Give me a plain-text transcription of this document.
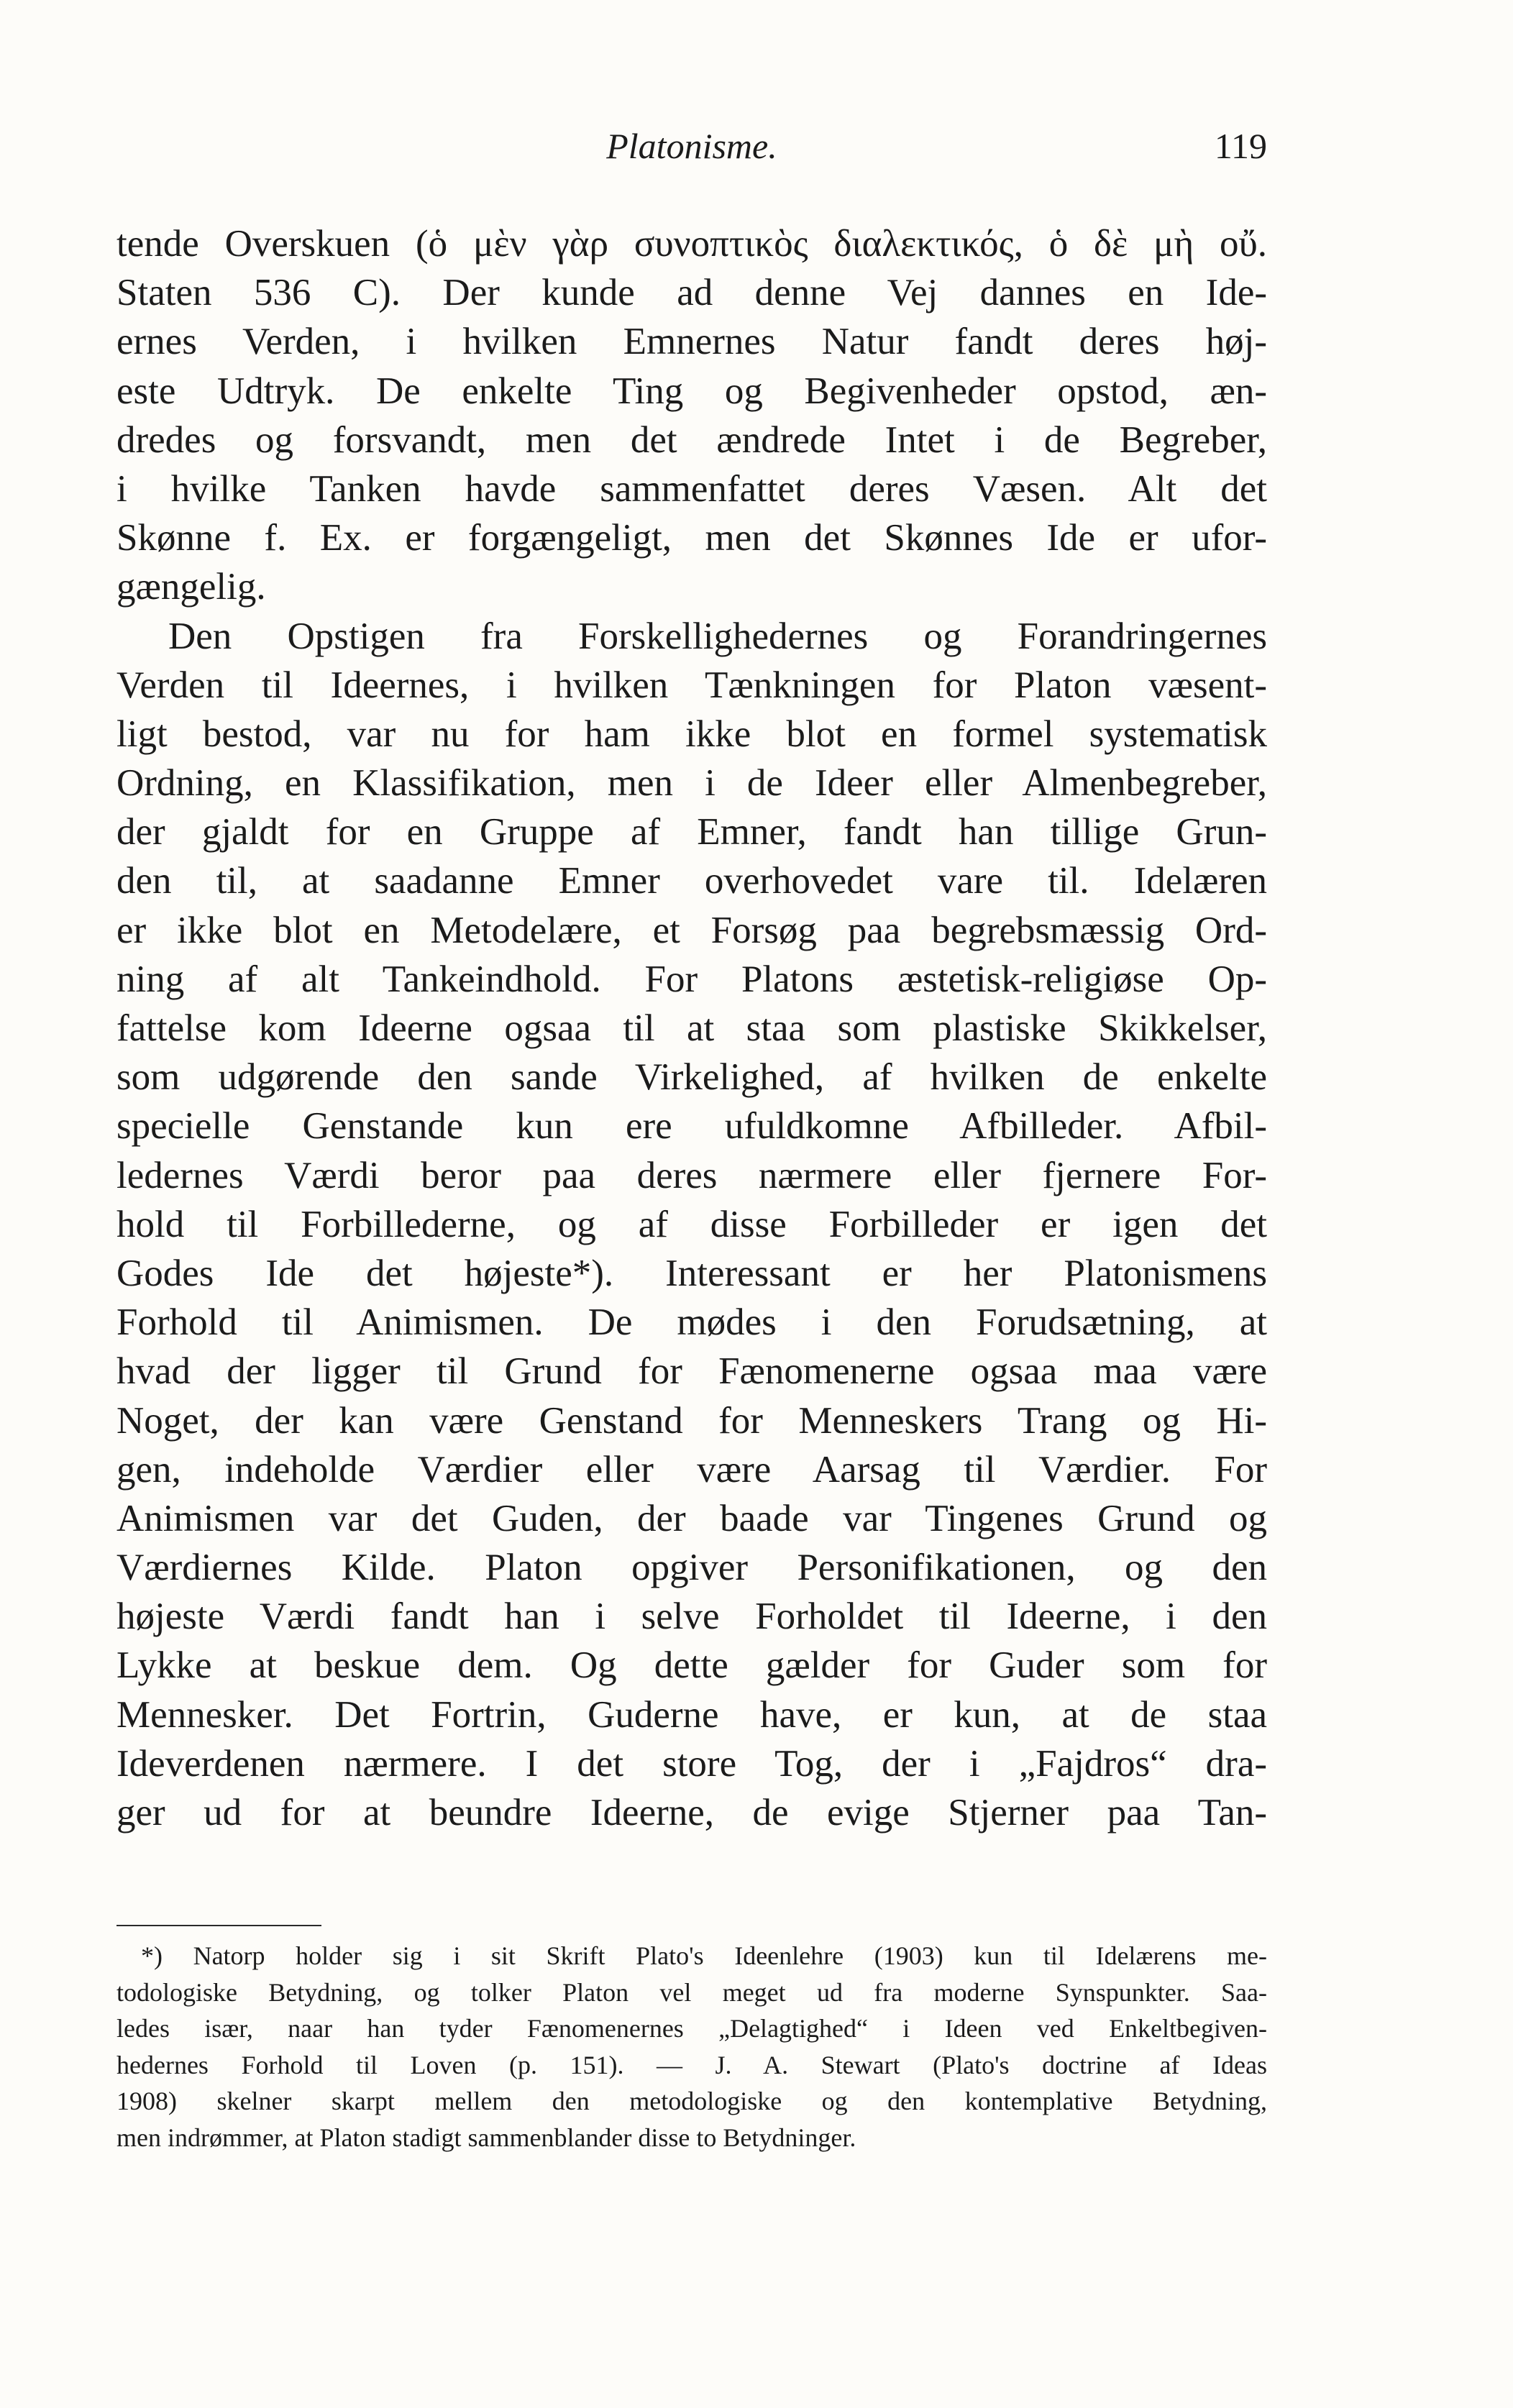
Platonisme.	119
tende Overskuen (ὁ μὲν γὰρ συνοπτικὸς διαλεκτικός, ὁ δὲ μὴ οὔ.
Staten 536 C). Der kunde ad denne Vej dannes en Ide-
ernes Verden, i hvilken Emnernes Natur fandt deres høj-
este Udtryk. De enkelte Ting og Begivenheder opstod, æn-
dredes og forsvandt, men det ændrede Intet i de Begreber,
i hvilke Tanken havde sammenfattet deres Væsen. Alt det
Skønne f. Ex. er forgængeligt, men det Skønnes Ide er ufor-
gængelig.
Den Opstigen fra Forskellighedernes og Forandringernes
Verden til Ideernes, i hvilken Tænkningen for Platon væsent-
ligt bestod, var nu for ham ikke blot en formel systematisk
Ordning, en Klassifikation, men i de Ideer eller Almenbegreber,
der gjaldt for en Gruppe af Emner, fandt han tillige Grun-
den til, at saadanne Emner overhovedet vare til. Idelæren
er ikke blot en Metodelære, et Forsøg paa begrebsmæssig Ord-
ning af alt Tankeindhold. For Platons æstetisk-religiøse Op-
fattelse kom Ideerne ogsaa til at staa som plastiske Skikkelser,
som udgørende den sande Virkelighed, af hvilken de enkelte
specielle Genstande kun ere ufuldkomne Afbilleder. Afbil-
ledernes Værdi beror paa deres nærmere eller fjernere For-
hold til Forbillederne, og af disse Forbilleder er igen det
Godes Ide det højeste*). Interessant er her Platonismens
Forhold til Animismen. De mødes i den Forudsætning, at
hvad der ligger til Grund for Fænomenerne ogsaa maa være
Noget, der kan være Genstand for Menneskers Trang og Hi-
gen, indeholde Værdier eller være Aarsag til Værdier. For
Animismen var det Guden, der baade var Tingenes Grund og
Værdiernes Kilde. Platon opgiver Personifikationen, og den
højeste Værdi fandt han i selve Forholdet til Ideerne, i den
Lykke at beskue dem. Og dette gælder for Guder som for
Mennesker. Det Fortrin, Guderne have, er kun, at de staa
Ideverdenen nærmere. I det store Tog, der i „Fajdros“ dra-
ger ud for at beundre Ideerne, de evige Stjerner paa Tan-
*) Natorp holder sig i sit Skrift Plato's Ideenlehre (1903) kun til Idelærens me-
todologiske Betydning, og tolker Platon vel meget ud fra moderne Synspunkter. Saa-
ledes især, naar han tyder Fænomenernes „Delagtighed“ i Ideen ved Enkeltbegiven-
hedernes Forhold til Loven (p. 151). — J. A. Stewart (Plato's doctrine af Ideas
1908) skelner skarpt mellem den metodologiske og den kontemplative Betydning,
men indrømmer, at Platon stadigt sammenblander disse to Betydninger.
